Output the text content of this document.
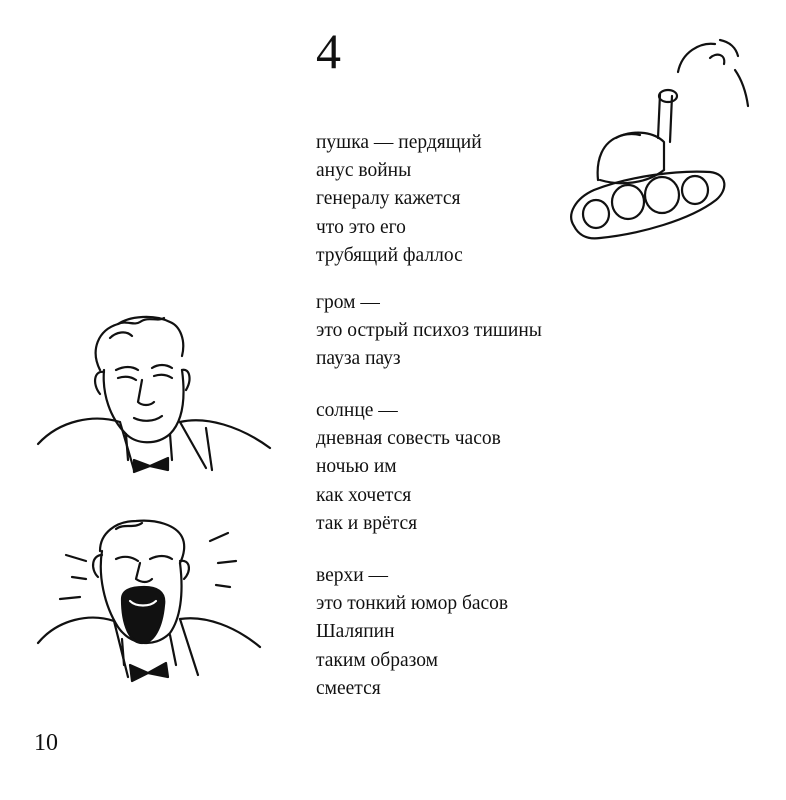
4
пушка — пердящий
анус войны
генералу кажется
что это его
трубящий фаллос
гром —
это острый психоз тишины
пауза пауз
солнце —
дневная совесть часов
ночью им
как хочется
так и врётся
верхи —
это тонкий юмор басов
Шаляпин
таким образом
смеется
10
